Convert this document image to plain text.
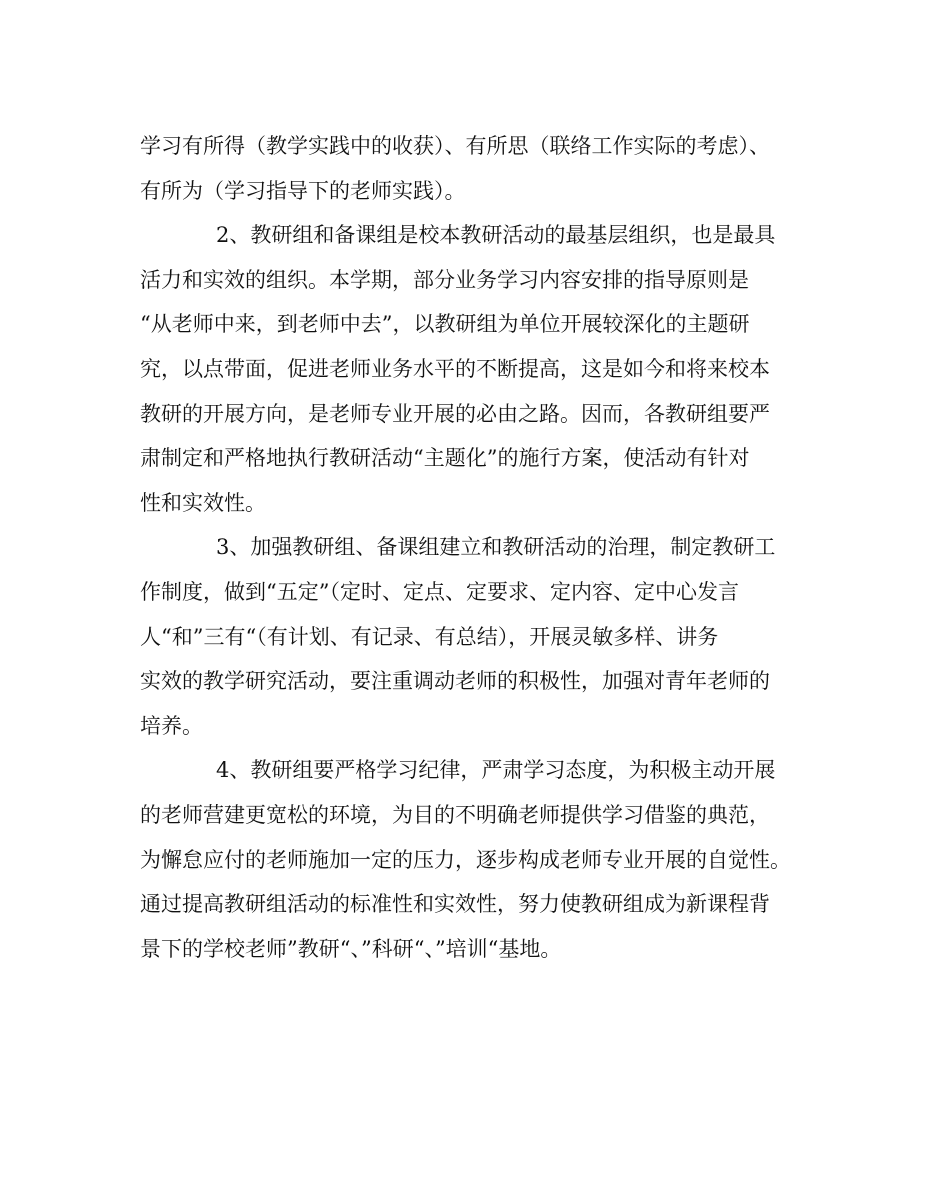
学习有所得（教学实践中的收获）、有所思（联络工作实际的考虑）、
有所为（学习指导下的老师实践）。

2、教研组和备课组是校本教研活动的最基层组织，也是最具
活力和实效的组织。本学期，部分业务学习内容安排的指导原则是
“从老师中来，到老师中去”，以教研组为单位开展较深化的主题研
究，以点带面，促进老师业务水平的不断提高，这是如今和将来校本
教研的开展方向，是老师专业开展的必由之路。因而，各教研组要严
肃制定和严格地执行教研活动“主题化”的施行方案，使活动有针对
性和实效性。

3、加强教研组、备课组建立和教研活动的治理，制定教研工
作制度，做到“五定”（定时、定点、定要求、定内容、定中心发言
人“和”三有“（有计划、有记录、有总结），开展灵敏多样、讲务
实效的教学研究活动，要注重调动老师的积极性，加强对青年老师的
培养。

4、教研组要严格学习纪律，严肃学习态度，为积极主动开展
的老师营建更宽松的环境，为目的不明确老师提供学习借鉴的典范，
为懈怠应付的老师施加一定的压力，逐步构成老师专业开展的自觉性。
通过提高教研组活动的标准性和实效性，努力使教研组成为新课程背
景下的学校老师”教研“、”科研“、”培训“基地。
